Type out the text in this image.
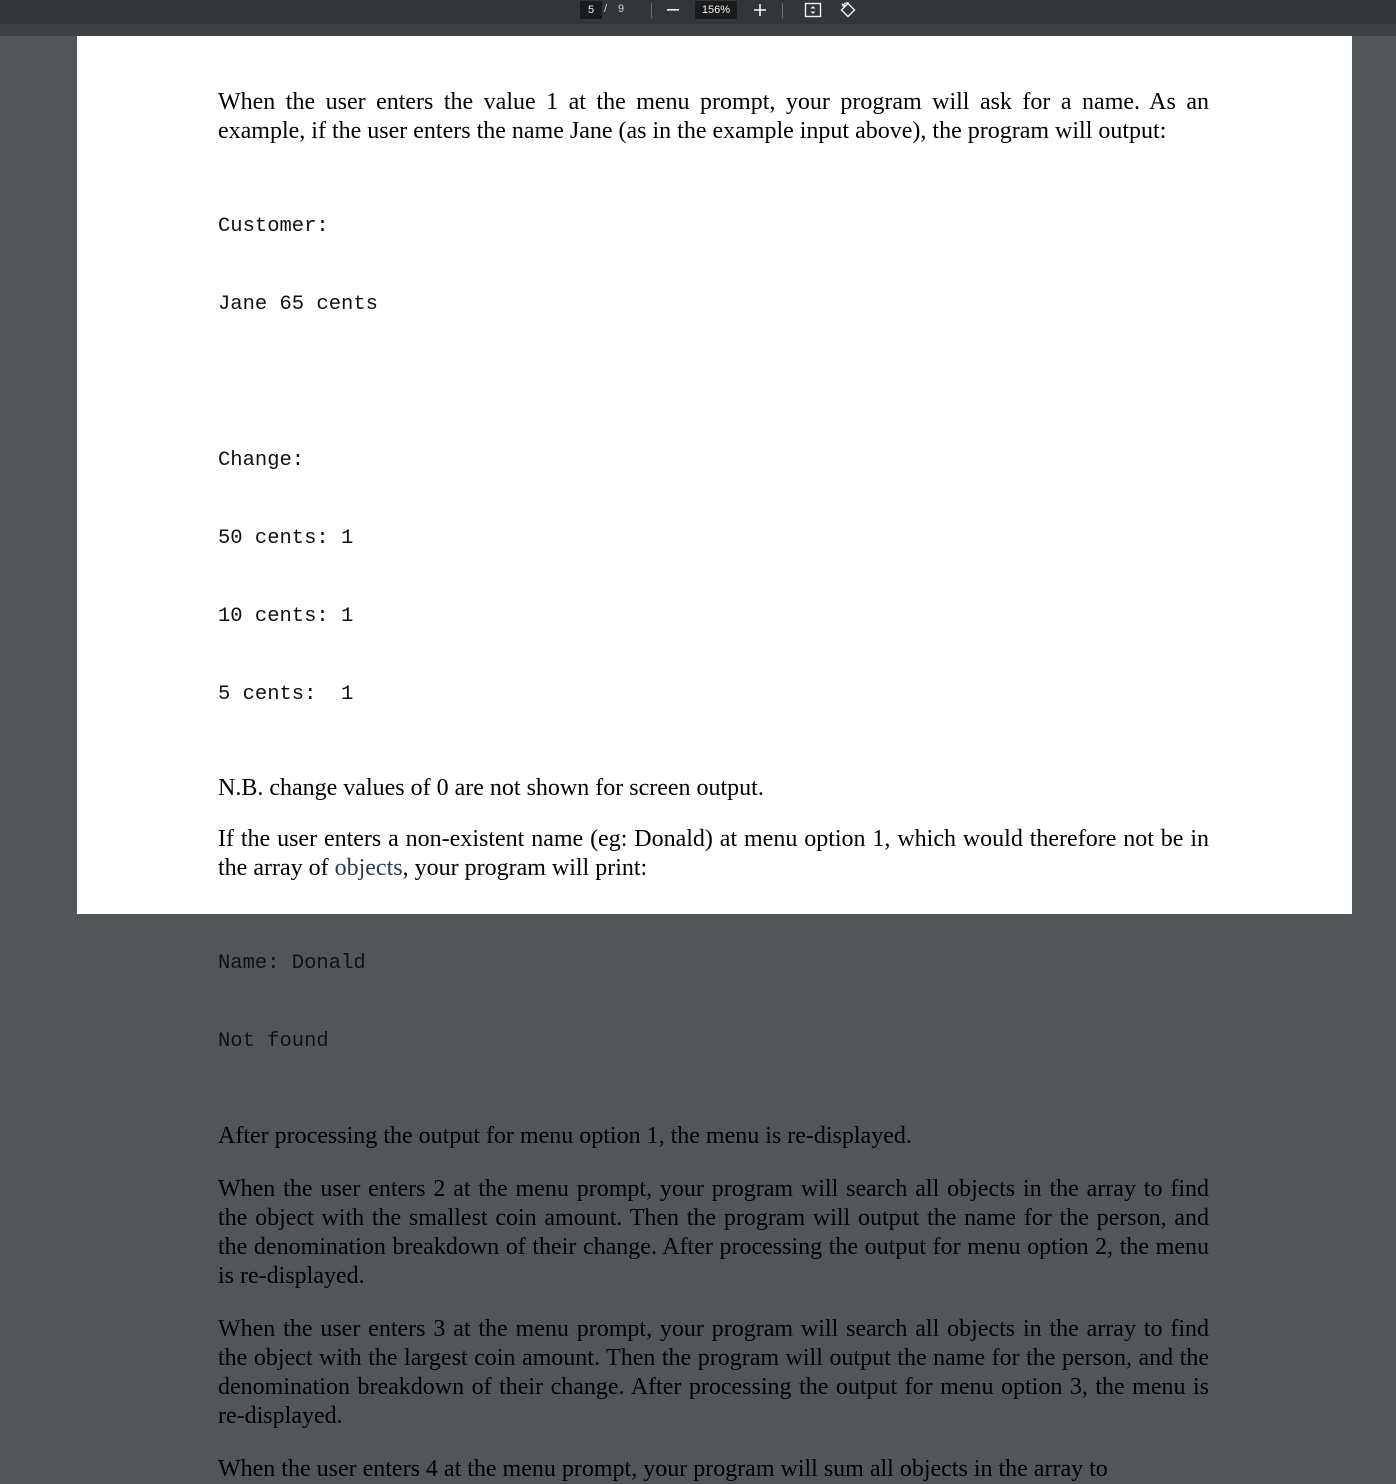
5 / 9	156%

When the user enters the value 1 at the menu prompt, your program will ask for a name. As an example, if the user enters the name Jane (as in the example input above), the program will output:

Customer:

Jane 65 cents

Change:

50 cents: 1

10 cents: 1

5 cents:  1

N.B. change values of 0 are not shown for screen output.

If the user enters a non-existent name (eg: Donald) at menu option 1, which would therefore not be in the array of objects, your program will print:

Name: Donald

Not found

After processing the output for menu option 1, the menu is re-displayed.

When the user enters 2 at the menu prompt, your program will search all objects in the array to find the object with the smallest coin amount. Then the program will output the name for the person, and the denomination breakdown of their change. After processing the output for menu option 2, the menu is re-displayed.

When the user enters 3 at the menu prompt, your program will search all objects in the array to find the object with the largest coin amount. Then the program will output the name for the person, and the denomination breakdown of their change. After processing the output for menu option 3, the menu is re-displayed.

When the user enters 4 at the menu prompt, your program will sum all objects in the array to
